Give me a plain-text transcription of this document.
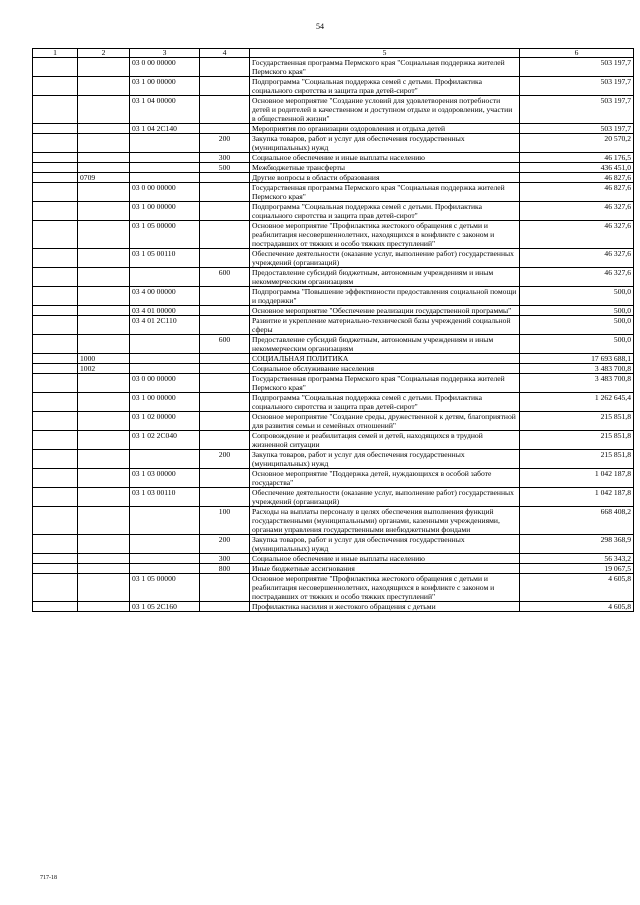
54
1	2	3	4	5	6
		03 0 00 00000		Государственная программа Пермского края "Социальная поддержка жителей Пермского края"	503 197,7
		03 1 00 00000		Подпрограмма "Социальная поддержка семей с детьми. Профилактика социального сиротства и защита прав детей-сирот"	503 197,7
		03 1 04 00000		Основное мероприятие "Создание условий для удовлетворения потребности детей и родителей в качественном и доступном отдыхе и оздоровлении, участии в общественной жизни"	503 197,7
		03 1 04 2С140		Мероприятия по организации оздоровления и отдыха детей	503 197,7
			200	Закупка товаров, работ и услуг для обеспечения государственных (муниципальных) нужд	20 570,2
			300	Социальное обеспечение и иные выплаты населению	46 176,5
			500	Межбюджетные трансферты	436 451,0
	0709			Другие вопросы в области образования	46 827,6
		03 0 00 00000		Государственная программа Пермского края "Социальная поддержка жителей Пермского края"	46 827,6
		03 1 00 00000		Подпрограмма "Социальная поддержка семей с детьми. Профилактика социального сиротства и защита прав детей-сирот"	46 327,6
		03 1 05 00000		Основное мероприятие "Профилактика жестокого обращения с детьми и реабилитация несовершеннолетних, находящихся в конфликте с законом и пострадавших от тяжких и особо тяжких преступлений"	46 327,6
		03 1 05 00110		Обеспечение деятельности (оказание услуг, выполнение работ) государственных учреждений (организаций)	46 327,6
			600	Предоставление субсидий бюджетным, автономным учреждениям и иным некоммерческим организациям	46 327,6
		03 4 00 00000		Подпрограмма "Повышение эффективности предоставления социальной помощи и поддержки"	500,0
		03 4 01 00000		Основное мероприятие "Обеспечение реализации государственной программы"	500,0
		03 4 01 2С110		Развитие и укрепление материально-технической базы учреждений социальной сферы	500,0
			600	Предоставление субсидий бюджетным, автономным учреждениям и иным некоммерческим организациям	500,0
	1000			СОЦИАЛЬНАЯ ПОЛИТИКА	17 693 688,1
	1002			Социальное обслуживание населения	3 483 700,8
		03 0 00 00000		Государственная программа Пермского края "Социальная поддержка жителей Пермского края"	3 483 700,8
		03 1 00 00000		Подпрограмма "Социальная поддержка семей с детьми. Профилактика социального сиротства и защита прав детей-сирот"	1 262 645,4
		03 1 02 00000		Основное мероприятие "Создание среды, дружественной к детям, благоприятной для развития семьи и семейных отношений"	215 851,8
		03 1 02 2С040		Сопровождение и реабилитация семей и детей, находящихся в трудной жизненной ситуации	215 851,8
			200	Закупка товаров, работ и услуг для обеспечения государственных (муниципальных) нужд	215 851,8
		03 1 03 00000		Основное мероприятие "Поддержка детей, нуждающихся в особой заботе государства"	1 042 187,8
		03 1 03 00110		Обеспечение деятельности (оказание услуг, выполнение работ) государственных учреждений (организаций)	1 042 187,8
			100	Расходы на выплаты персоналу в целях обеспечения выполнения функций государственными (муниципальными) органами, казенными учреждениями, органами управления государственными внебюджетными фондами	668 408,2
			200	Закупка товаров, работ и услуг для обеспечения государственных (муниципальных) нужд	298 368,9
			300	Социальное обеспечение и иные выплаты населению	56 343,2
			800	Иные бюджетные ассигнования	19 067,5
		03 1 05 00000		Основное мероприятие "Профилактика жестокого обращения с детьми и реабилитация несовершеннолетних, находящихся в конфликте с законом и пострадавших от тяжких и особо тяжких преступлений"	4 605,8
		03 1 05 2С160		Профилактика насилия и жестокого обращения с детьми	4 605,8
717-18
